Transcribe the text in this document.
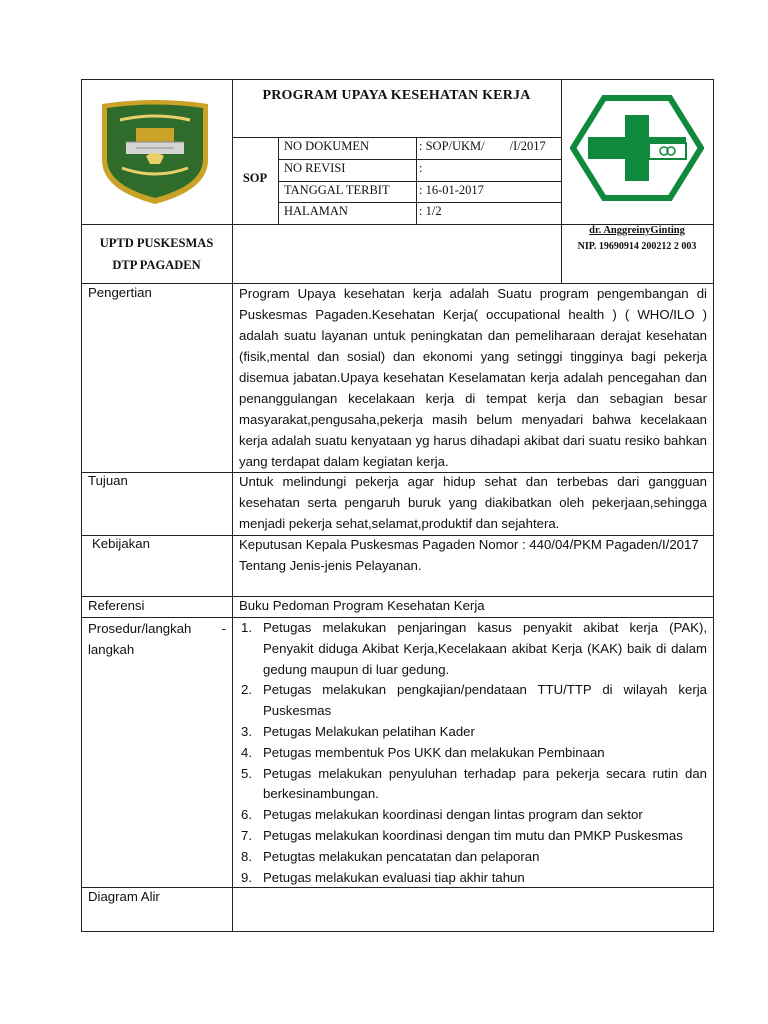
PROGRAM UPAYA KESEHATAN KERJA
SOP
NO DOKUMEN	: SOP/UKM/        /I/2017
NO REVISI	:
TANGGAL TERBIT : 16-01-2017
HALAMAN	: 1/2
UPTD PUSKESMAS
DTP PAGADEN
dr. AnggreinyGinting
NIP. 19690914 200212 2 003
Pengertian	Program Upaya kesehatan kerja adalah Suatu program pengembangan di Puskesmas Pagaden.Kesehatan Kerja( occupational health ) ( WHO/ILO ) adalah suatu layanan untuk peningkatan dan pemeliharaan derajat kesehatan (fisik,mental dan sosial) dan ekonomi yang setinggi tingginya bagi pekerja disemua jabatan.Upaya kesehatan Keselamatan kerja adalah pencegahan dan penanggulangan kecelakaan kerja di tempat kerja dan sebagian besar masyarakat,pengusaha,pekerja masih belum menyadari bahwa kecelakaan kerja adalah suatu kenyataan yg harus dihadapi akibat dari suatu resiko bahkan yang terdapat dalam kegiatan kerja.
Tujuan	Untuk melindungi pekerja agar hidup sehat dan terbebas dari gangguan kesehatan serta pengaruh buruk yang diakibatkan oleh pekerjaan,sehingga menjadi pekerja sehat,selamat,produktif dan sejahtera.
Kebijakan	Keputusan Kepala Puskesmas Pagaden Nomor : 440/04/PKM Pagaden/I/2017
Tentang Jenis-jenis Pelayanan.
Referensi	Buku Pedoman Program Kesehatan Kerja
Prosedur/langkah - langkah
1. Petugas melakukan penjaringan kasus penyakit akibat kerja (PAK), Penyakit diduga Akibat Kerja,Kecelakaan akibat Kerja (KAK) baik di dalam gedung maupun di luar gedung.
2. Petugas melakukan pengkajian/pendataan TTU/TTP di wilayah kerja Puskesmas
3. Petugas Melakukan pelatihan Kader
4. Petugas membentuk Pos UKK dan melakukan Pembinaan
5. Petugas melakukan penyuluhan terhadap para pekerja secara rutin dan berkesinambungan.
6. Petugas melakukan koordinasi dengan lintas program dan sektor
7. Petugas melakukan koordinasi dengan tim mutu dan PMKP Puskesmas
8. Petugtas melakukan pencatatan dan pelaporan
9. Petugas melakukan evaluasi tiap akhir tahun
Diagram Alir
